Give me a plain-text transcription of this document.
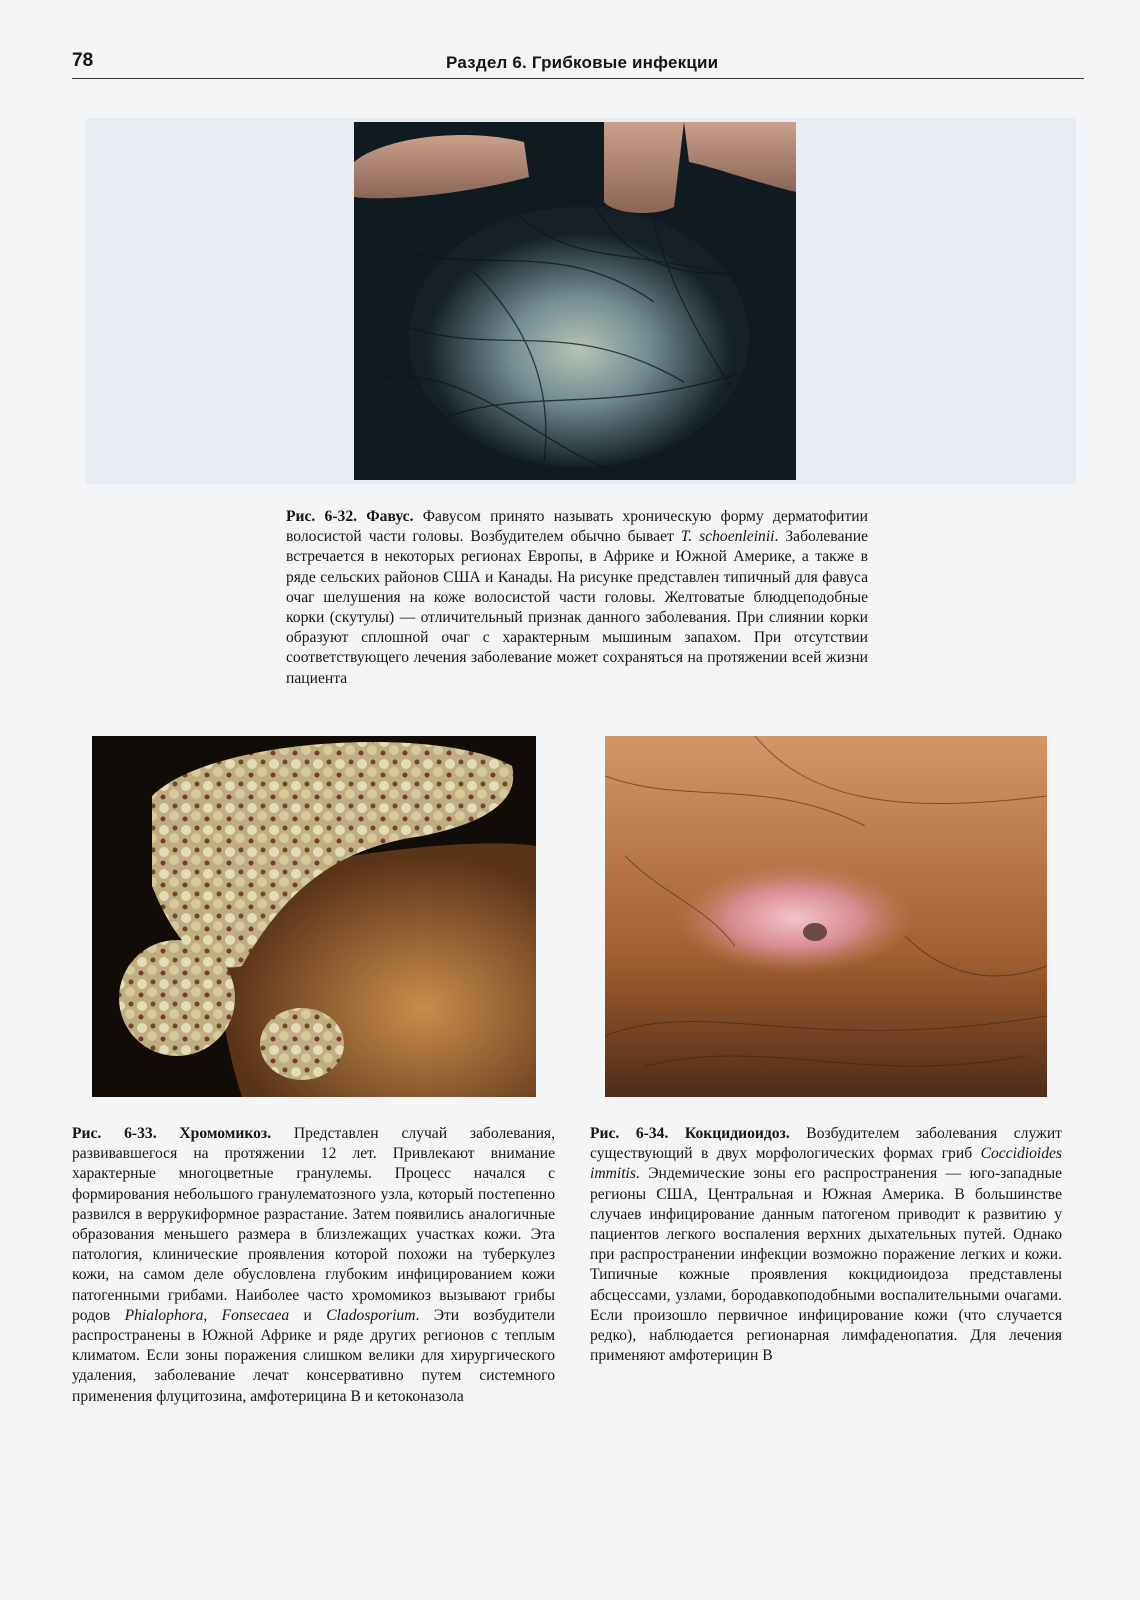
78	Раздел 6. Грибковые инфекции
Рис. 6-32. Фавус. Фавусом принято называть хроническую форму дерматофитии волосистой части головы. Возбудителем обычно бывает T. schoenleinii. Заболевание встречается в некоторых регионах Европы, в Африке и Южной Америке, а также в ряде сельских районов США и Канады. На рисунке представлен типичный для фавуса очаг шелушения на коже волосистой части головы. Желтоватые блюдцеподобные корки (скутулы) — отличительный признак данного заболевания. При слиянии корки образуют сплошной очаг с характерным мышиным запахом. При отсутствии соответствующего лечения заболевание может сохраняться на протяжении всей жизни пациента
Рис. 6-33. Хромомикоз. Представлен случай заболевания, развивавшегося на протяжении 12 лет. Привлекают внимание характерные многоцветные гранулемы. Процесс начался с формирования небольшого гранулематозного узла, который постепенно развился в веррукиформное разрастание. Затем появились аналогичные образования меньшего размера в близлежащих участках кожи. Эта патология, клинические проявления которой похожи на туберкулез кожи, на самом деле обусловлена глубоким инфицированием кожи патогенными грибами. Наиболее часто хромомикоз вызывают грибы родов Phialophora, Fonsecaea и Cladosporium. Эти возбудители распространены в Южной Африке и ряде других регионов с теплым климатом. Если зоны поражения слишком велики для хирургического удаления, заболевание лечат консервативно путем системного применения флуцитозина, амфотерицина В и кетоконазола
Рис. 6-34. Кокцидиоидоз. Возбудителем заболевания служит существующий в двух морфологических формах гриб Coccidioides immitis. Эндемические зоны его распространения — юго-западные регионы США, Центральная и Южная Америка. В большинстве случаев инфицирование данным патогеном приводит к развитию у пациентов легкого воспаления верхних дыхательных путей. Однако при распространении инфекции возможно поражение легких и кожи. Типичные кожные проявления кокцидиоидоза представлены абсцессами, узлами, бородавкоподобными воспалительными очагами. Если произошло первичное инфицирование кожи (что случается редко), наблюдается регионарная лимфаденопатия. Для лечения применяют амфотерицин В
